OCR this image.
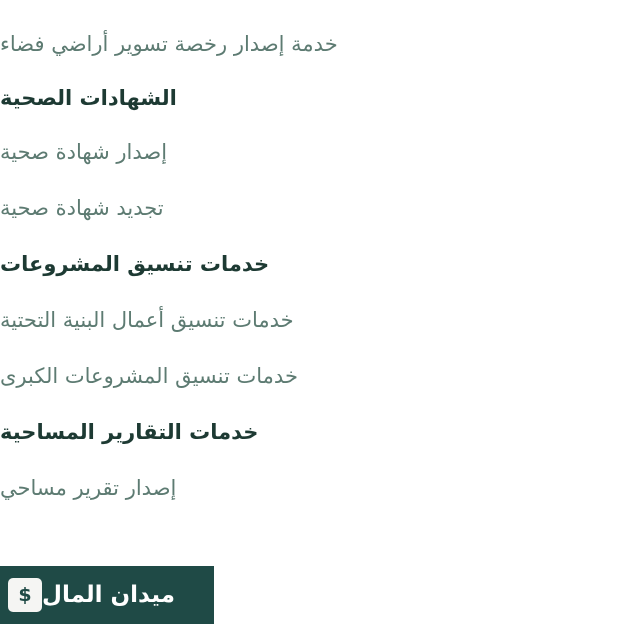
خدمة إصدار رخصة تسوير أراضي فضاء
الشهادات الصحية
إصدار شهادة صحية
تجديد شهادة صحية
خدمات تنسيق المشروعات
خدمات تنسيق أعمال البنية التحتية
خدمات تنسيق المشروعات الكبرى
خدمات التقارير المساحية
إصدار تقرير مساحي
ميدان المال
$
